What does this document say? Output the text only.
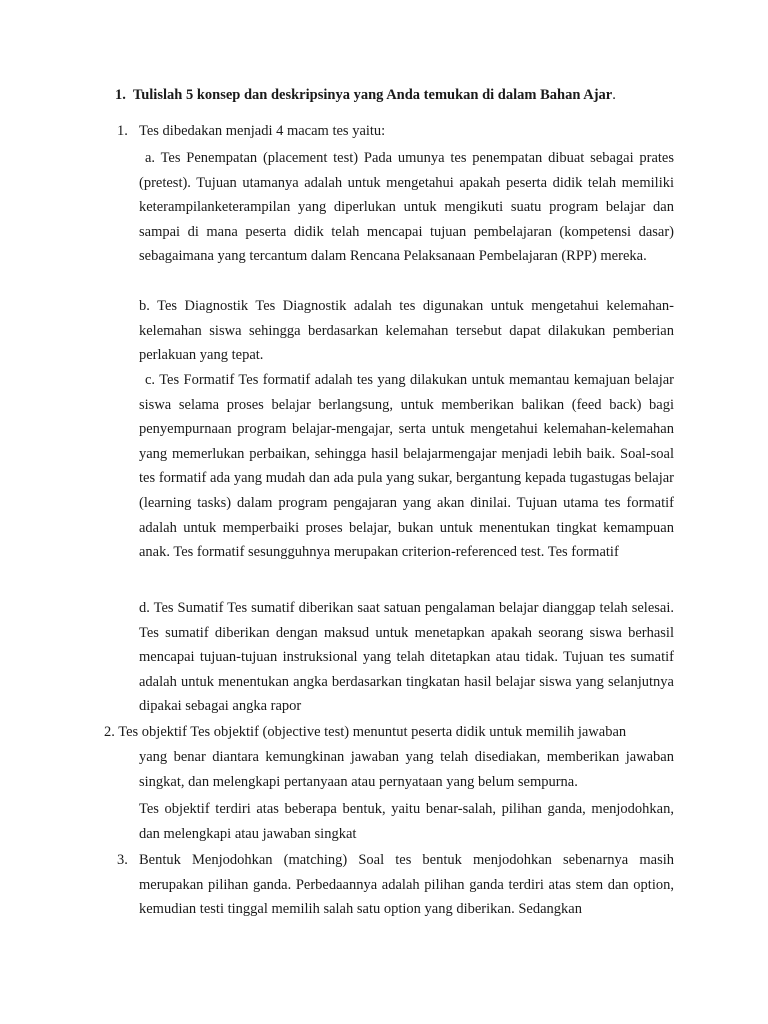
1. Tulislah 5 konsep dan deskripsinya yang Anda temukan di dalam Bahan Ajar.
1. Tes dibedakan menjadi 4 macam tes yaitu:
a. Tes Penempatan (placement test) Pada umunya tes penempatan dibuat sebagai prates (pretest). Tujuan utamanya adalah untuk mengetahui apakah peserta didik telah memiliki keterampilanketerampilan yang diperlukan untuk mengikuti suatu program belajar dan sampai di mana peserta didik telah mencapai tujuan pembelajaran (kompetensi dasar) sebagaimana yang tercantum dalam Rencana Pelaksanaan Pembelajaran (RPP) mereka.
b. Tes Diagnostik Tes Diagnostik adalah tes digunakan untuk mengetahui kelemahan-kelemahan siswa sehingga berdasarkan kelemahan tersebut dapat dilakukan pemberian perlakuan yang tepat.
c. Tes Formatif Tes formatif adalah tes yang dilakukan untuk memantau kemajuan belajar siswa selama proses belajar berlangsung, untuk memberikan balikan (feed back) bagi penyempurnaan program belajar-mengajar, serta untuk mengetahui kelemahan-kelemahan yang memerlukan perbaikan, sehingga hasil belajarmengajar menjadi lebih baik. Soal-soal tes formatif ada yang mudah dan ada pula yang sukar, bergantung kepada tugastugas belajar (learning tasks) dalam program pengajaran yang akan dinilai. Tujuan utama tes formatif adalah untuk memperbaiki proses belajar, bukan untuk menentukan tingkat kemampuan anak. Tes formatif sesungguhnya merupakan criterion-referenced test. Tes formatif
d. Tes Sumatif Tes sumatif diberikan saat satuan pengalaman belajar dianggap telah selesai. Tes sumatif diberikan dengan maksud untuk menetapkan apakah seorang siswa berhasil mencapai tujuan-tujuan instruksional yang telah ditetapkan atau tidak. Tujuan tes sumatif adalah untuk menentukan angka berdasarkan tingkatan hasil belajar siswa yang selanjutnya dipakai sebagai angka rapor
2. Tes objektif Tes objektif (objective test) menuntut peserta didik untuk memilih jawaban
yang benar diantara kemungkinan jawaban yang telah disediakan, memberikan jawaban singkat, dan melengkapi pertanyaan atau pernyataan yang belum sempurna.
Tes objektif terdiri atas beberapa bentuk, yaitu benar-salah, pilihan ganda, menjodohkan, dan melengkapi atau jawaban singkat
3. Bentuk Menjodohkan (matching) Soal tes bentuk menjodohkan sebenarnya masih merupakan pilihan ganda. Perbedaannya adalah pilihan ganda terdiri atas stem dan option, kemudian testi tinggal memilih salah satu option yang diberikan. Sedangkan
